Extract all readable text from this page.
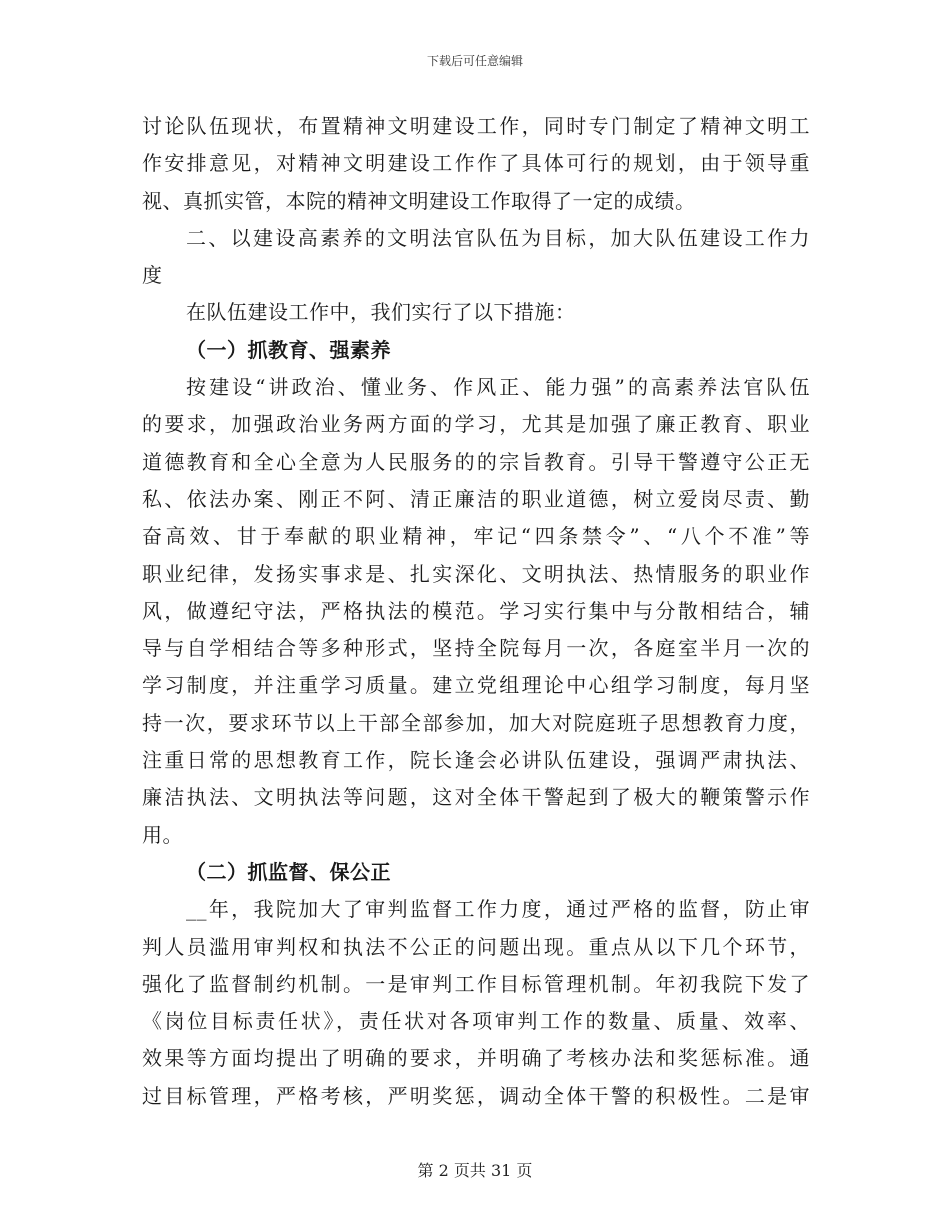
下载后可任意编辑
讨论队伍现状，布置精神文明建设工作，同时专门制定了精神文明工
作安排意见，对精神文明建设工作作了具体可行的规划，由于领导重
视、真抓实管，本院的精神文明建设工作取得了一定的成绩。
二、以建设高素养的文明法官队伍为目标，加大队伍建设工作力
度
在队伍建设工作中，我们实行了以下措施：
（一）抓教育、强素养
按建设“讲政治、懂业务、作风正、能力强”的高素养法官队伍
的要求，加强政治业务两方面的学习，尤其是加强了廉正教育、职业
道德教育和全心全意为人民服务的的宗旨教育。引导干警遵守公正无
私、依法办案、刚正不阿、清正廉洁的职业道德，树立爱岗尽责、勤
奋高效、甘于奉献的职业精神，牢记“四条禁令”、“八个不准”等
职业纪律，发扬实事求是、扎实深化、文明执法、热情服务的职业作
风，做遵纪守法，严格执法的模范。学习实行集中与分散相结合，辅
导与自学相结合等多种形式，坚持全院每月一次，各庭室半月一次的
学习制度，并注重学习质量。建立党组理论中心组学习制度，每月坚
持一次，要求环节以上干部全部参加，加大对院庭班子思想教育力度，
注重日常的思想教育工作，院长逢会必讲队伍建设，强调严肃执法、
廉洁执法、文明执法等问题，这对全体干警起到了极大的鞭策警示作
用。
（二）抓监督、保公正
__年，我院加大了审判监督工作力度，通过严格的监督，防止审
判人员滥用审判权和执法不公正的问题出现。重点从以下几个环节，
强化了监督制约机制。一是审判工作目标管理机制。年初我院下发了
《岗位目标责任状》，责任状对各项审判工作的数量、质量、效率、
效果等方面均提出了明确的要求，并明确了考核办法和奖惩标准。通
过目标管理，严格考核，严明奖惩，调动全体干警的积极性。二是审
第 2 页共 31 页
